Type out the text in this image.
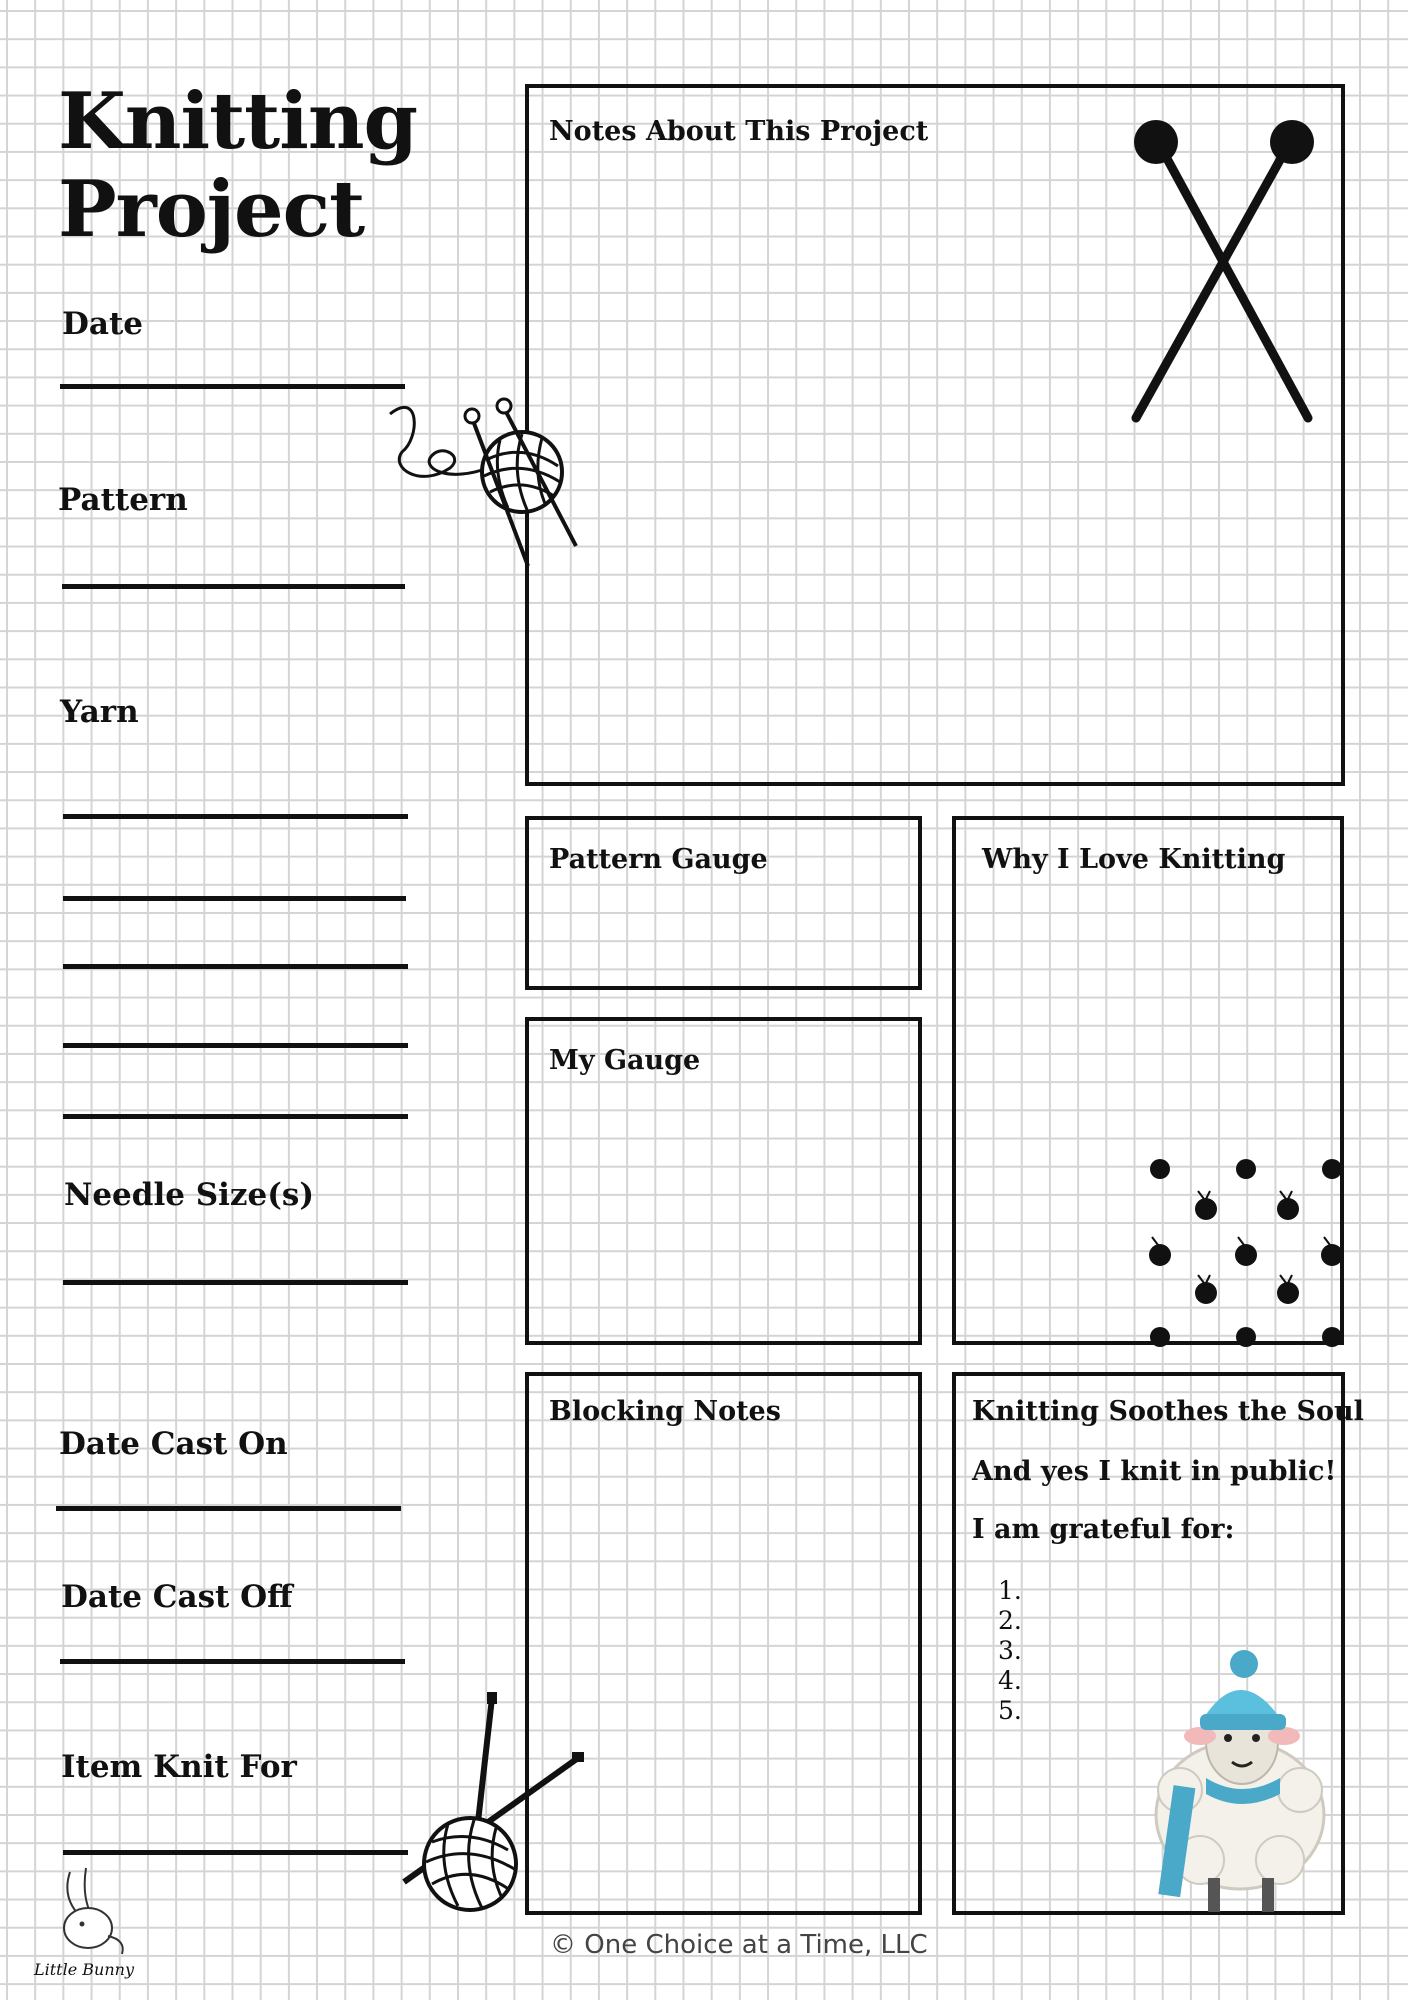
Knitting
Project
Date
Pattern
Yarn
Needle Size(s)
Date Cast On
Date Cast Off
Item Knit For
Notes About This Project
Pattern Gauge
My Gauge
Why I Love Knitting
Blocking Notes	Knitting Soothes the Soul
And yes I knit in public!
I am grateful for:
1.
2.
3.
4.
5.
Little Bunny
© One Choice at a Time, LLC
